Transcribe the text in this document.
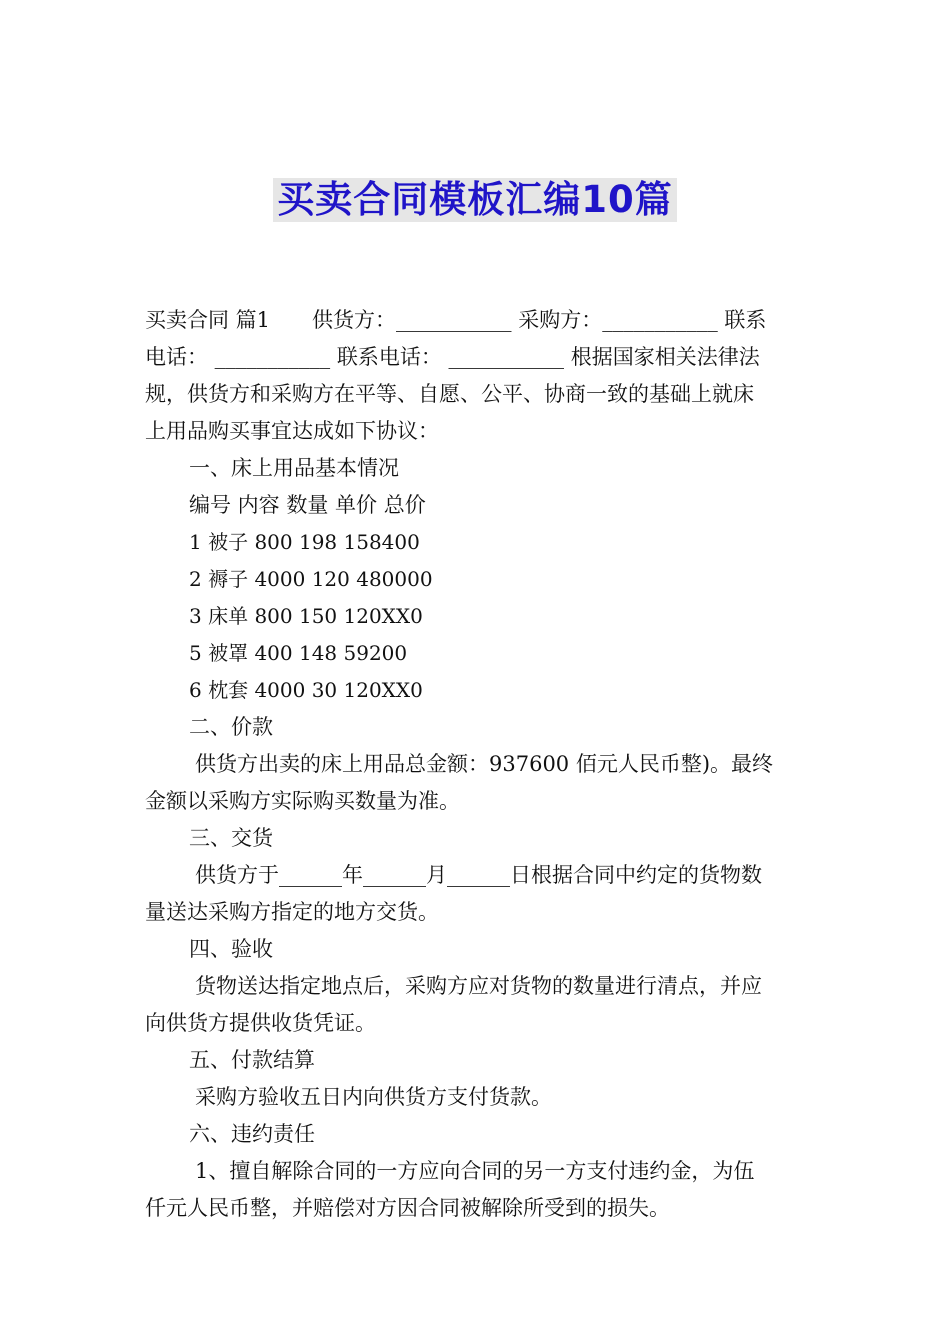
买卖合同模板汇编10篇

买卖合同 篇1　　供货方：___________ 采购方：___________ 联系

电话： ___________ 联系电话： ___________ 根据国家相关法律法

规，供货方和采购方在平等、自愿、公平、协商一致的基础上就床

上用品购买事宜达成如下协议：

一、床上用品基本情况

编号 内容 数量 单价 总价

1 被子 800 198 158400

2 褥子 4000 120 480000

3 床单 800 150 120XX0

5 被罩 400 148 59200

6 枕套 4000 30 120XX0

二、价款

供货方出卖的床上用品总金额：937600 佰元人民币整)。最终

金额以采购方实际购买数量为准。

三、交货

供货方于______年______月______日根据合同中约定的货物数

量送达采购方指定的地方交货。

四、验收

货物送达指定地点后，采购方应对货物的数量进行清点，并应

向供货方提供收货凭证。

五、付款结算

采购方验收五日内向供货方支付货款。

六、违约责任

1、擅自解除合同的一方应向合同的另一方支付违约金，为伍

仟元人民币整，并赔偿对方因合同被解除所受到的损失。
